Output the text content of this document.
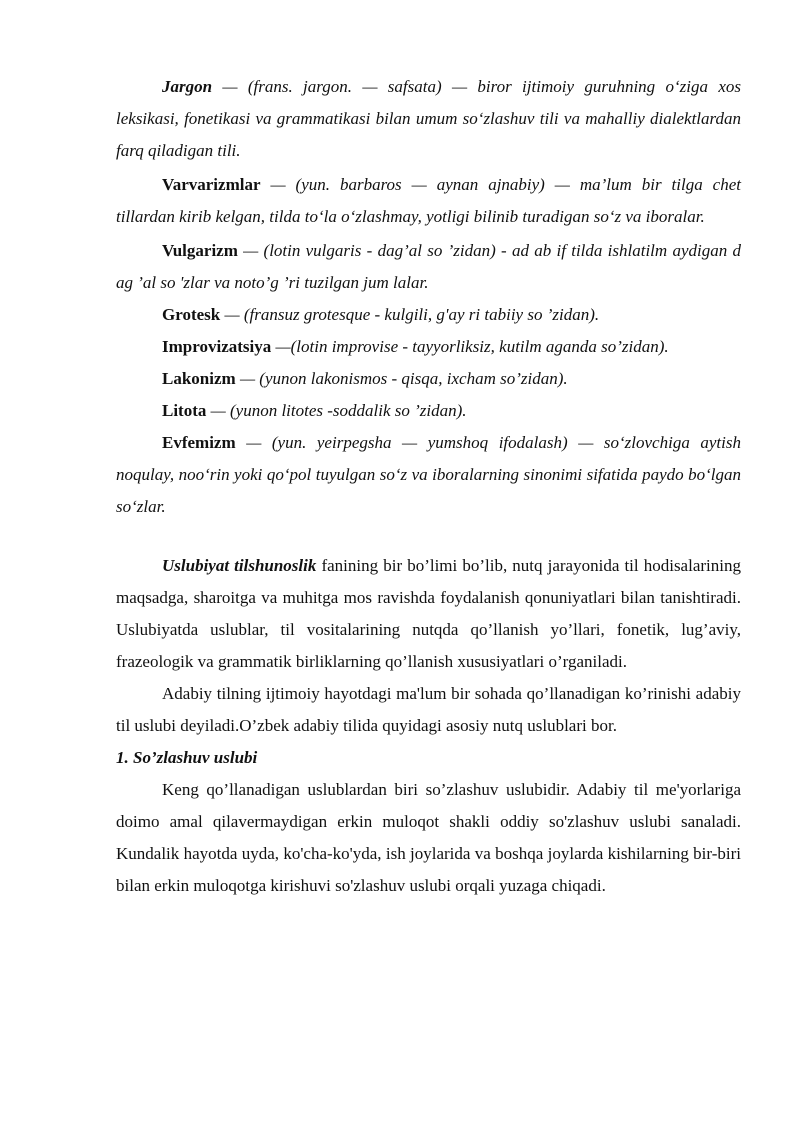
Jargon — (frans. jargon. — safsata) — biror ijtimoiy guruhning o‘ziga xos leksikasi, fonetikasi va grammatikasi bilan umum so‘zlashuv tili va mahalliy dialektlardan farq qiladigan tili.

Varvarizmlar — (yun. barbaros — aynan ajnabiy) — ma’lum bir tilga chet tillardan kirib kelgan, tilda to‘la o‘zlashmay, yotligi bilinib turadigan so‘z va iboralar.

Vulgarizm — (lotin vulgaris - dag’al so ’zidan) - ad ab if tilda ishlatilm aydigan d ag ’al so 'zlar va noto’g ’ri tuzilgan jum lalar.

Grotesk — (fransuz grotesque - kulgili, g'ay ri tabiiy so ’zidan).

Improvizatsiya —(lotin improvise - tayyorliksiz, kutilm aganda so’zidan).

Lakonizm — (yunon lakonismos - qisqa, ixcham so’zidan).

Litota — (yunon litotes -soddalik so ’zidan).

Evfemizm — (yun. yeirpegsha — yumshoq ifodalash) — so‘zlovchiga aytish noqulay, noo‘rin yoki qo‘pol tuyulgan so‘z va iboralarning sinonimi sifatida paydo bo‘lgan so‘zlar.

Uslubiyat tilshunoslik fanining bir bo’limi bo’lib, nutq jarayonida til hodisalarining maqsadga, sharoitga va muhitga mos ravishda foydalanish qonuniyatlari bilan tanishtiradi. Uslubiyatda uslublar, til vositalarining nutqda qo’llanish yo’llari, fonetik, lug’aviy, frazeologik va grammatik birliklarning qo’llanish xususiyatlari o’rganiladi.

Adabiy tilning ijtimoiy hayotdagi ma'lum bir sohada qo’llanadigan ko’rinishi adabiy til uslubi deyiladi.O’zbek adabiy tilida quyidagi asosiy nutq uslublari bor.

1. So’zlashuv uslubi

Keng qo’llanadigan uslublardan biri so’zlashuv uslubidir. Adabiy til me'yorlariga doimo amal qilavermaydigan erkin muloqot shakli oddiy so'zlashuv uslubi sanaladi. Kundalik hayotda uyda, ko'cha-ko'yda, ish joylarida va boshqa joylarda kishilarning bir-biri bilan erkin muloqotga kirishuvi so'zlashuv uslubi orqali yuzaga chiqadi.
